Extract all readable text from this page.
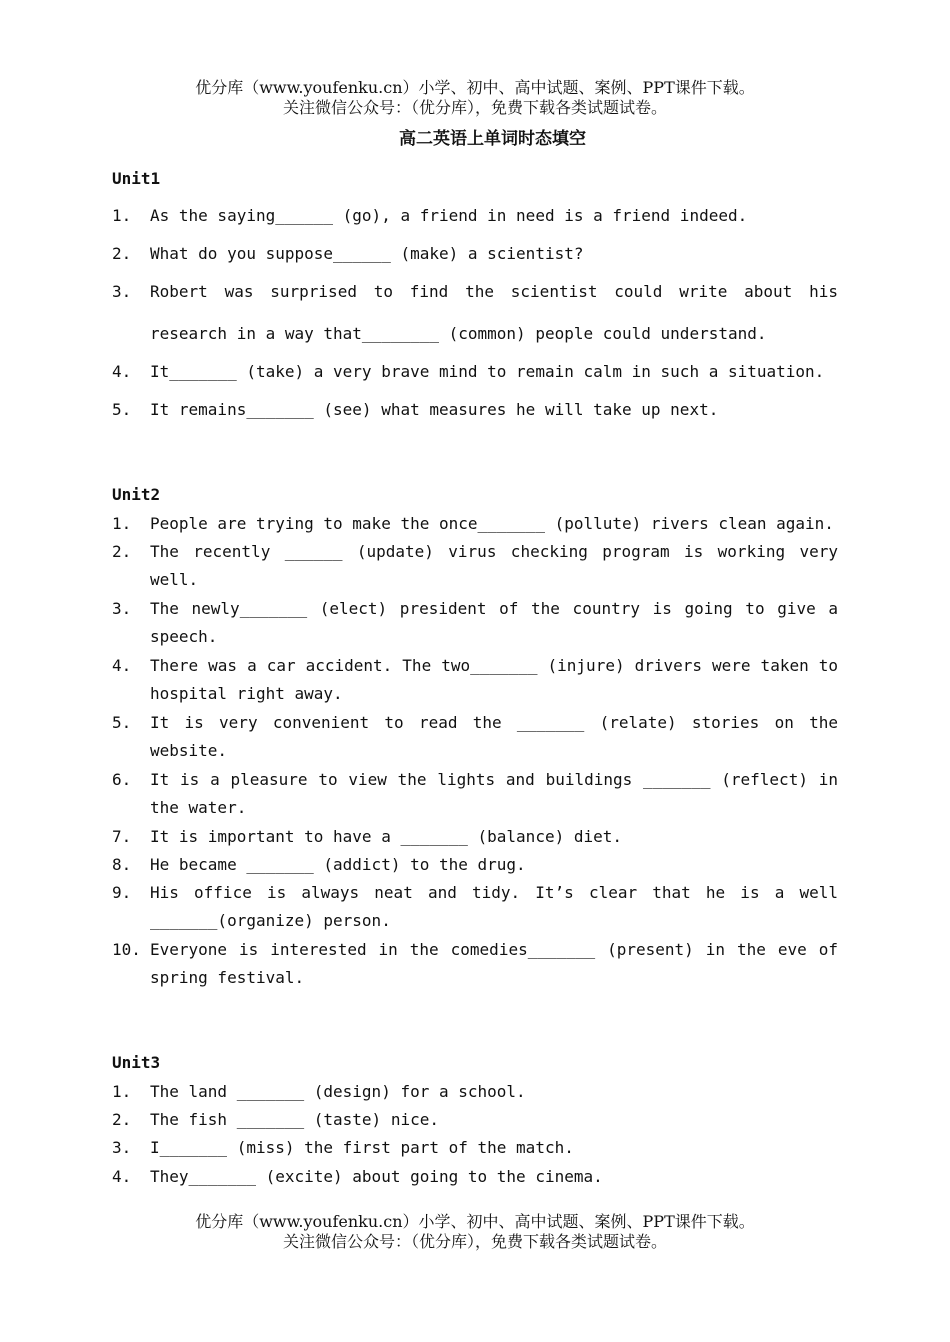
优分库（www.youfenku.cn）小学、初中、高中试题、案例、PPT课件下载。
关注微信公众号：（优分库），免费下载各类试题试卷。
高二英语上单词时态填空
Unit1
1. As the saying______ (go), a friend in need is a friend indeed.
2. What do you suppose______ (make) a scientist?
3. Robert was surprised to find the scientist could write about his research in a way that________ (common) people could understand.
4. It_______ (take) a very brave mind to remain calm in such a situation.
5. It remains_______ (see) what measures he will take up next.
Unit2
1. People are trying to make the once_______ (pollute) rivers clean again.
2. The recently ______ (update) virus checking program is working very well.
3. The newly_______ (elect) president of the country is going to give a speech.
4. There was a car accident. The two_______ (injure) drivers were taken to hospital right away.
5. It is very convenient to read the _______ (relate) stories on the website.
6. It is a pleasure to view the lights and buildings _______ (reflect) in the water.
7. It is important to have a _______ (balance) diet.
8. He became _______ (addict) to the drug.
9. His office is always neat and tidy. It’s clear that he is a well _______(organize) person.
10. Everyone is interested in the comedies_______ (present) in the eve of spring festival.
Unit3
1. The land _______ (design) for a school.
2. The fish _______ (taste) nice.
3. I_______ (miss) the first part of the match.
4. They_______ (excite) about going to the cinema.
优分库（www.youfenku.cn）小学、初中、高中试题、案例、PPT课件下载。
关注微信公众号：（优分库），免费下载各类试题试卷。
